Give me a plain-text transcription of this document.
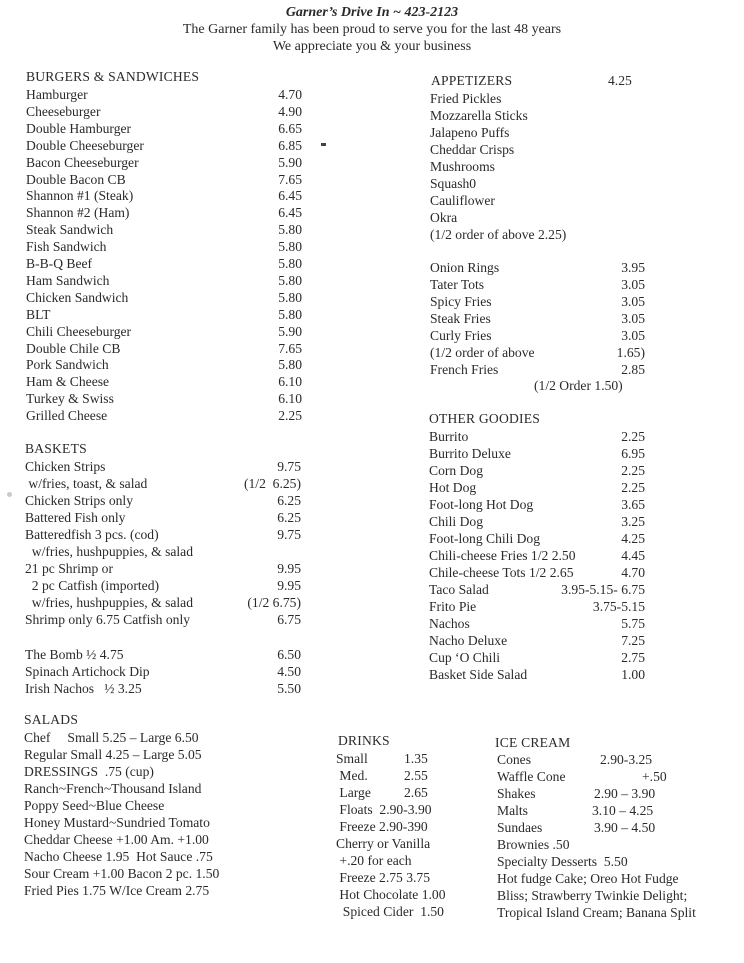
Garner’s Drive In ~ 423-2123
The Garner family has been proud to serve you for the last 48 years
We appreciate you & your business
BURGERS & SANDWICHES
Hamburger	4.70
Cheeseburger	4.90
Double Hamburger	6.65
Double Cheeseburger	6.85
Bacon Cheeseburger	5.90
Double Bacon CB	7.65
Shannon #1 (Steak)	6.45
Shannon #2 (Ham)	6.45
Steak Sandwich	5.80
Fish Sandwich	5.80
B-B-Q Beef	5.80
Ham Sandwich	5.80
Chicken Sandwich	5.80
BLT	5.80
Chili Cheeseburger	5.90
Double Chile CB	7.65
Pork Sandwich	5.80
Ham & Cheese	6.10
Turkey & Swiss	6.10
Grilled Cheese	2.25
BASKETS
Chicken Strips	9.75
w/fries, toast, & salad	(1/2  6.25)
Chicken Strips only	6.25
Battered Fish only	6.25
Batteredfish 3 pcs. (cod)	9.75
w/fries, hushpuppies, & salad
21 pc Shrimp or	9.95
2 pc Catfish (imported)	9.95
w/fries, hushpuppies, & salad	(1/2 6.75)
Shrimp only 6.75 Catfish only	6.75
The Bomb ½ 4.75	6.50
Spinach Artichock Dip	4.50
Irish Nachos   ½ 3.25	5.50
SALADS
Chef     Small 5.25 – Large 6.50
Regular Small 4.25 – Large 5.05
DRESSINGS  .75 (cup)
Ranch~French~Thousand Island
Poppy Seed~Blue Cheese
Honey Mustard~Sundried Tomato
Cheddar Cheese +1.00 Am. +1.00
Nacho Cheese 1.95  Hot Sauce .75
Sour Cream +1.00 Bacon 2 pc. 1.50
Fried Pies 1.75 W/Ice Cream 2.75
APPETIZERS	4.25
Fried Pickles
Mozzarella Sticks
Jalapeno Puffs
Cheddar Crisps
Mushrooms
Squash0
Cauliflower
Okra
(1/2 order of above 2.25)
Onion Rings	3.95
Tater Tots	3.05
Spicy Fries	3.05
Steak Fries	3.05
Curly Fries	3.05
(1/2 order of above	1.65)
French Fries	2.85
(1/2 Order 1.50)
OTHER GOODIES
Burrito	2.25
Burrito Deluxe	6.95
Corn Dog	2.25
Hot Dog	2.25
Foot-long Hot Dog	3.65
Chili Dog	3.25
Foot-long Chili Dog	4.25
Chili-cheese Fries 1/2 2.50	4.45
Chile-cheese Tots 1/2 2.65	4.70
Taco Salad	3.95-5.15- 6.75
Frito Pie	3.75-5.15
Nachos	5.75
Nacho Deluxe	7.25
Cup ‘O Chili	2.75
Basket Side Salad	1.00
DRINKS
Small	1.35
Med.	2.55
Large 2.65
Floats  2.90-3.90
Freeze 2.90-390
Cherry or Vanilla
+.20 for each
Freeze 2.75 3.75
Hot Chocolate 1.00
Spiced Cider  1.50
ICE CREAM
Cones	2.90-3.25
Waffle Cone	+.50
Shakes	2.90 – 3.90
Malts	3.10 – 4.25
Sundaes	3.90 – 4.50
Brownies .50
Specialty Desserts  5.50
Hot fudge Cake; Oreo Hot Fudge
Bliss; Strawberry Twinkie Delight;
Tropical Island Cream; Banana Split
